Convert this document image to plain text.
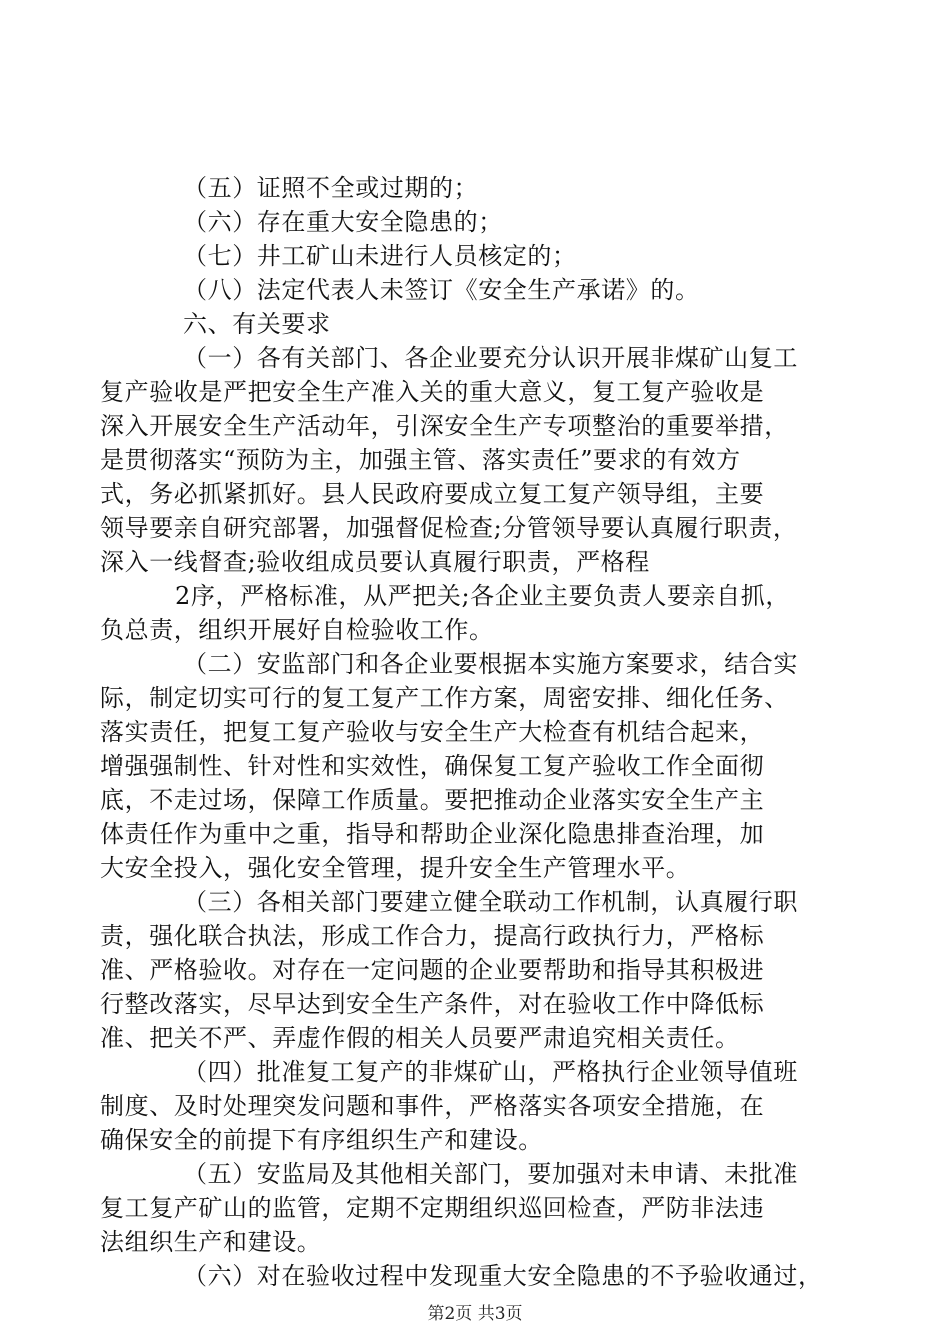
（五）证照不全或过期的；
（六）存在重大安全隐患的；
（七）井工矿山未进行人员核定的；
（八）法定代表人未签订《安全生产承诺》的。
六、有关要求
（一）各有关部门、各企业要充分认识开展非煤矿山复工
复产验收是严把安全生产准入关的重大意义，复工复产验收是
深入开展安全生产活动年，引深安全生产专项整治的重要举措，
是贯彻落实“预防为主，加强主管、落实责任”要求的有效方
式，务必抓紧抓好。县人民政府要成立复工复产领导组，主要
领导要亲自研究部署，加强督促检查;分管领导要认真履行职责，
深入一线督查;验收组成员要认真履行职责，严格程
2序，严格标准，从严把关;各企业主要负责人要亲自抓，
负总责，组织开展好自检验收工作。
（二）安监部门和各企业要根据本实施方案要求，结合实
际，制定切实可行的复工复产工作方案，周密安排、细化任务、
落实责任，把复工复产验收与安全生产大检查有机结合起来，
增强强制性、针对性和实效性，确保复工复产验收工作全面彻
底，不走过场，保障工作质量。要把推动企业落实安全生产主
体责任作为重中之重，指导和帮助企业深化隐患排查治理，加
大安全投入，强化安全管理，提升安全生产管理水平。
（三）各相关部门要建立健全联动工作机制，认真履行职
责，强化联合执法，形成工作合力，提高行政执行力，严格标
准、严格验收。对存在一定问题的企业要帮助和指导其积极进
行整改落实，尽早达到安全生产条件，对在验收工作中降低标
准、把关不严、弄虚作假的相关人员要严肃追究相关责任。
（四）批准复工复产的非煤矿山，严格执行企业领导值班
制度、及时处理突发问题和事件，严格落实各项安全措施，在
确保安全的前提下有序组织生产和建设。
（五）安监局及其他相关部门，要加强对未申请、未批准
复工复产矿山的监管，定期不定期组织巡回检查，严防非法违
法组织生产和建设。
（六）对在验收过程中发现重大安全隐患的不予验收通过，
第2页 共3页
